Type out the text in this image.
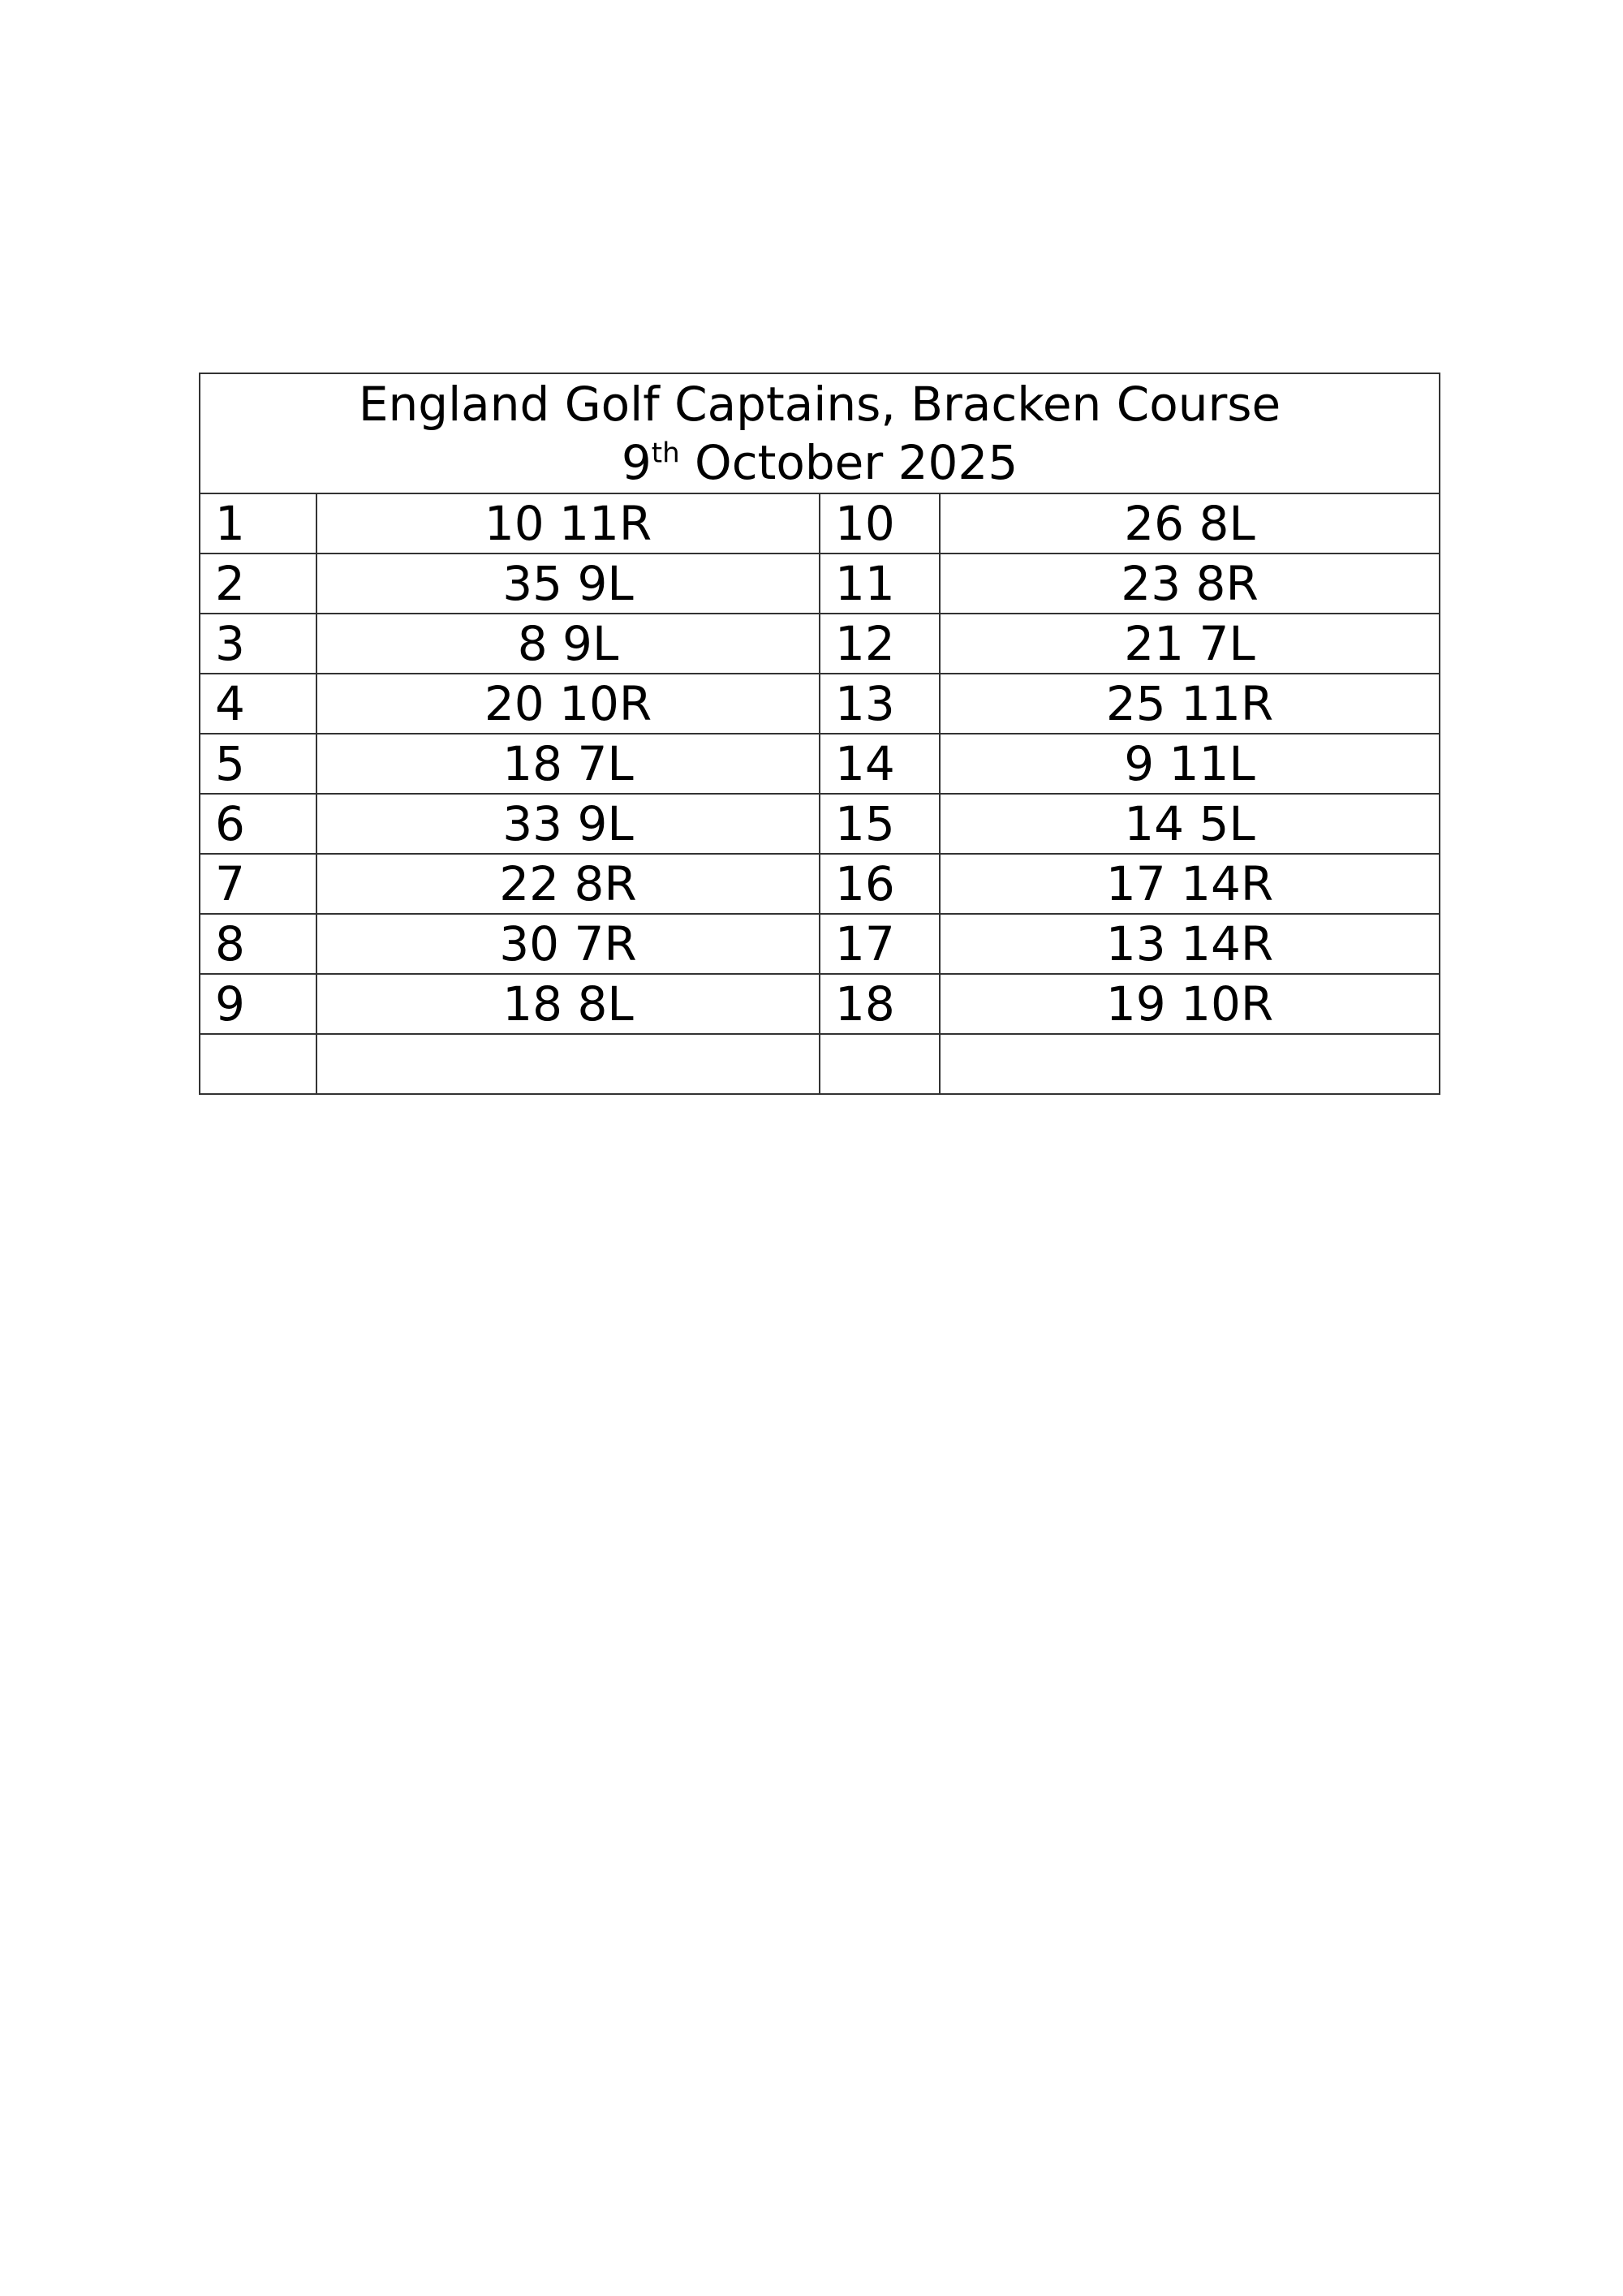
England Golf Captains, Bracken Course
9th October 2025			

1	10 11R	10	26 8L
2	35 9L	11	23 8R
3	8 9L	12	21 7L
4	20 10R	13	25 11R
5	18 7L	14	9 11L
6	33 9L	15	14 5L
7	22 8R	16	17 14R
8	30 7R	17	13 14R
9	18 8L	18	19 10R
